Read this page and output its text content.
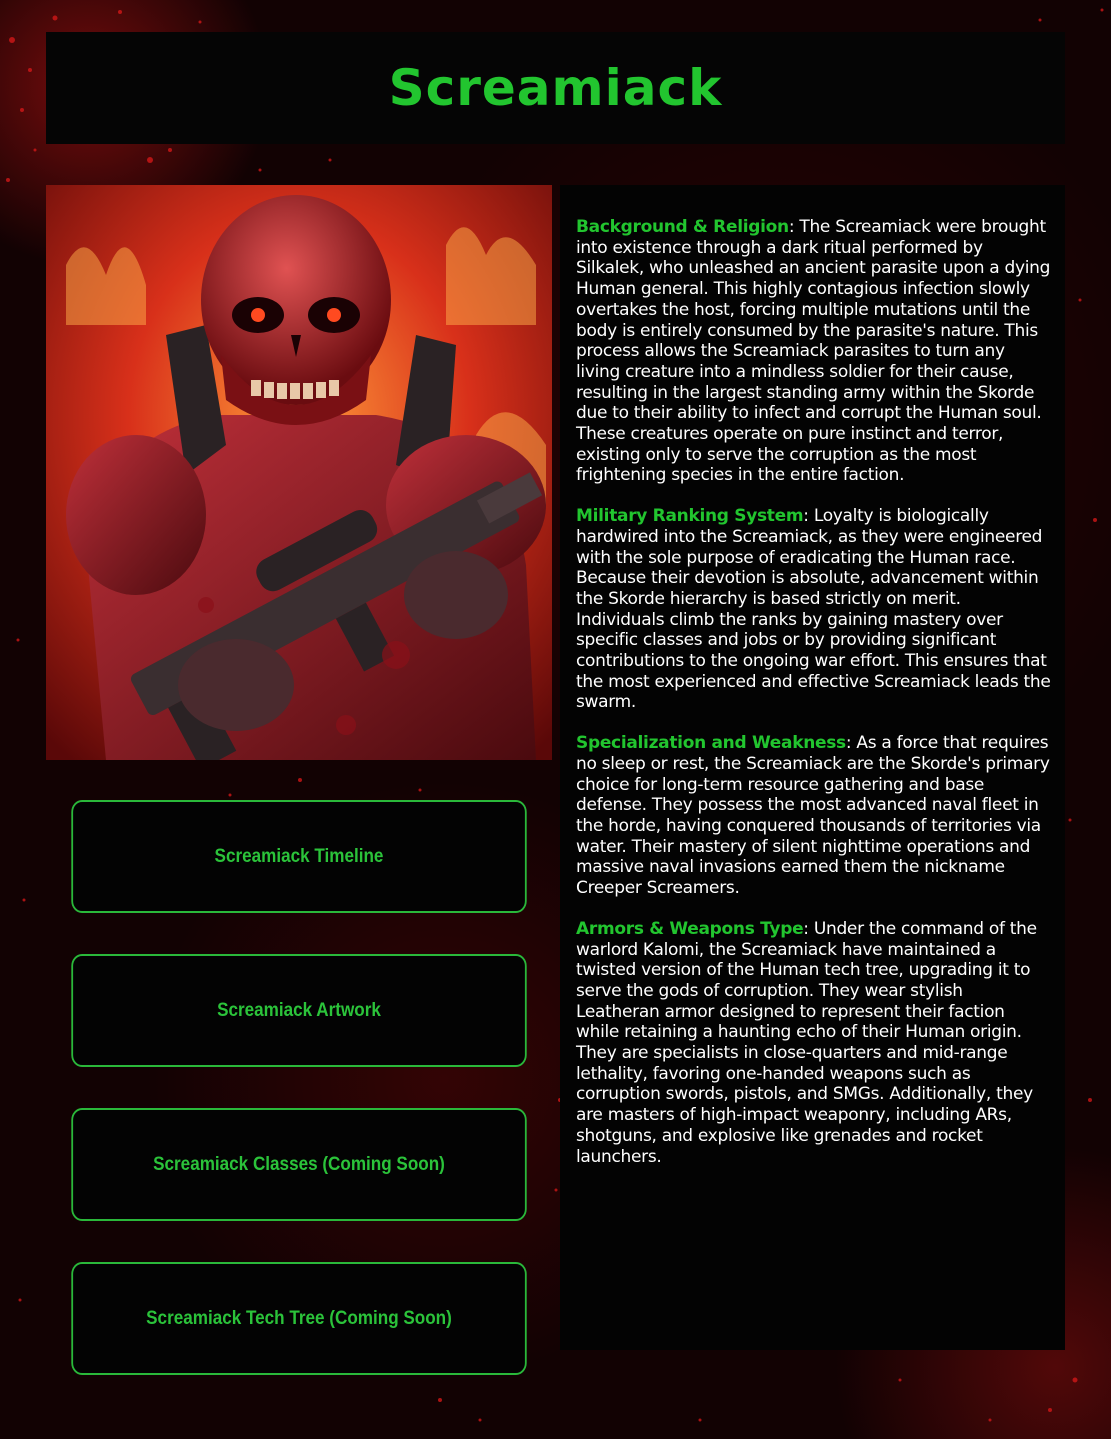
Screamiack
Screamiack Timeline
Screamiack Artwork
Screamiack Classes (Coming Soon)
Screamiack Tech Tree (Coming Soon)

Background & Religion: The Screamiack were brought into existence through a dark ritual performed by Silkalek, who unleashed an ancient parasite upon a dying Human general. This highly contagious infection slowly overtakes the host, forcing multiple mutations until the body is entirely consumed by the parasite's nature. This process allows the Screamiack parasites to turn any living creature into a mindless soldier for their cause, resulting in the largest standing army within the Skorde due to their ability to infect and corrupt the Human soul. These creatures operate on pure instinct and terror, existing only to serve the corruption as the most frightening species in the entire faction.

Military Ranking System: Loyalty is biologically hardwired into the Screamiack, as they were engineered with the sole purpose of eradicating the Human race. Because their devotion is absolute, advancement within the Skorde hierarchy is based strictly on merit. Individuals climb the ranks by gaining mastery over specific classes and jobs or by providing significant contributions to the ongoing war effort. This ensures that the most experienced and effective Screamiack leads the swarm.

Specialization and Weakness: As a force that requires no sleep or rest, the Screamiack are the Skorde's primary choice for long-term resource gathering and base defense. They possess the most advanced naval fleet in the horde, having conquered thousands of territories via water. Their mastery of silent nighttime operations and massive naval invasions earned them the nickname Creeper Screamers.

Armors & Weapons Type: Under the command of the warlord Kalomi, the Screamiack have maintained a twisted version of the Human tech tree, upgrading it to serve the gods of corruption. They wear stylish Leatheran armor designed to represent their faction while retaining a haunting echo of their Human origin. They are specialists in close-quarters and mid-range lethality, favoring one-handed weapons such as corruption swords, pistols, and SMGs. Additionally, they are masters of high-impact weaponry, including ARs, shotguns, and explosive like grenades and rocket launchers.
